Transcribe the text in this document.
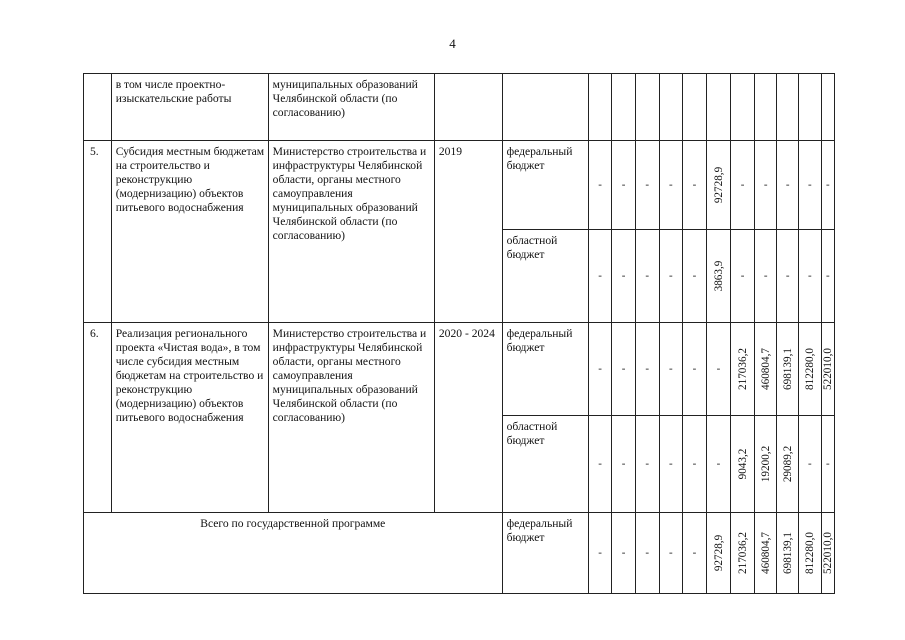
4
	в том числе проектно-изыскательские работы	муниципальных образований Челябинской области (по согласованию)													
5.	Субсидия местным бюджетам на строительство и реконструкцию (модернизацию) объектов питьевого водоснабжения	Министерство строительства и инфраструктуры Челябинской области, органы местного самоуправления муниципальных образований Челябинской области (по согласованию)	2019	федеральный бюджет	-	-	-	-	-	92728,9	-	-	-	-	-

				областной бюджет	-	-	-	-	-	3863,9	-	-	-	-	-

6.	Реализация регионального проекта «Чистая вода», в том числе субсидия местным бюджетам на строительство и реконструкцию (модернизацию) объектов питьевого водоснабжения	Министерство строительства и инфраструктуры Челябинской области, органы местного самоуправления муниципальных образований Челябинской области (по согласованию)	2020 - 2024	федеральный бюджет	-	-	-	-	-	-	217036,2	460804,7	698139,1	812280,0	522010,0

				областной бюджет	-	-	-	-	-	-	9043,2	19200,2	29089,2	-	-

Всего по государственной программе				федеральный бюджет	-	-	-	-	-	92728,9	217036,2	460804,7	698139,1	812280,0	522010,0
